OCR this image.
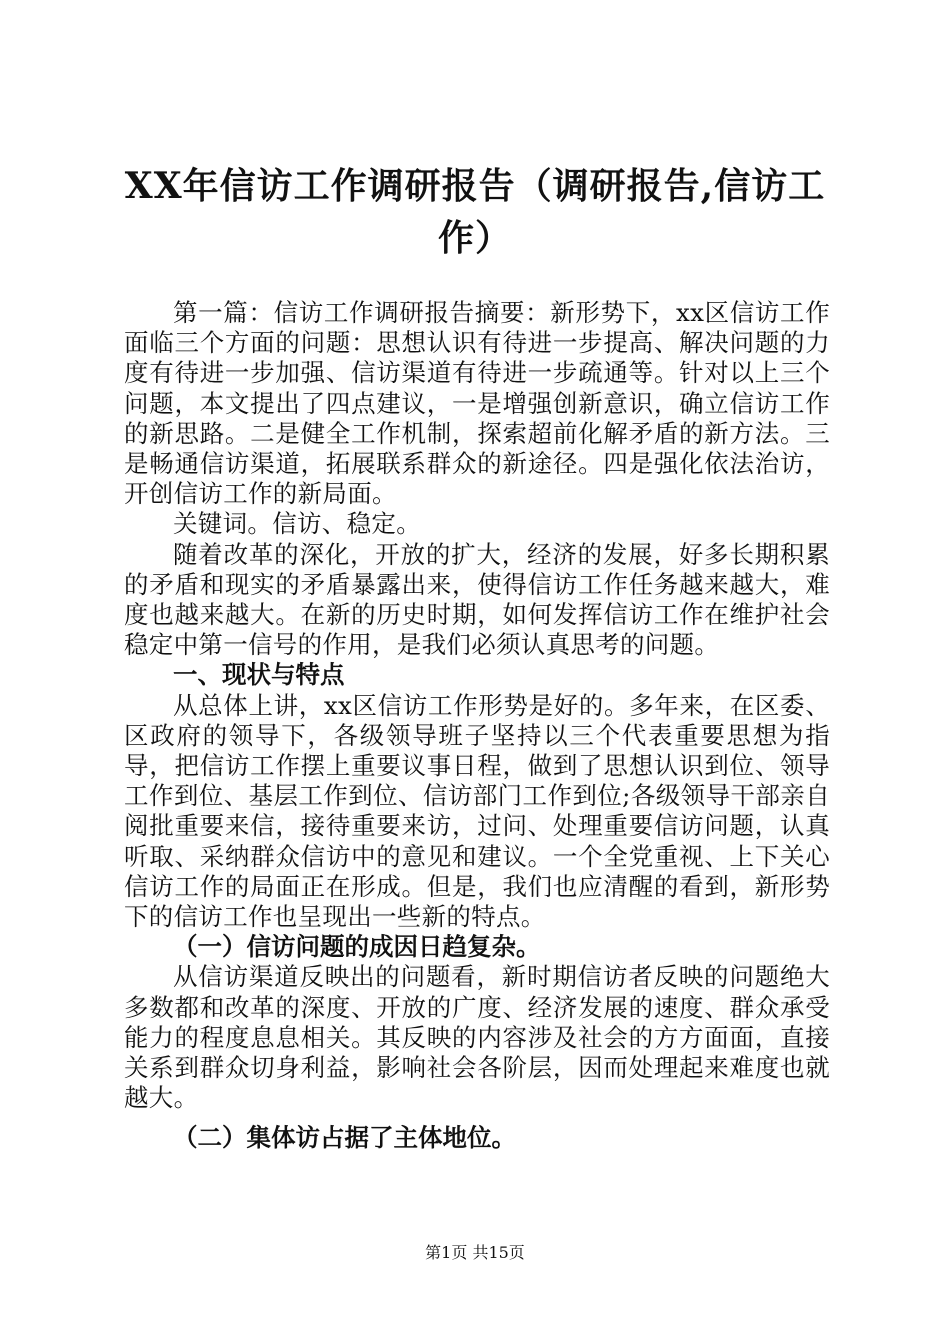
XX年信访工作调研报告（调研报告,信访工作）

第一篇：信访工作调研报告摘要：新形势下，xx区信访工作面临三个方面的问题：思想认识有待进一步提高、解决问题的力度有待进一步加强、信访渠道有待进一步疏通等。针对以上三个问题，本文提出了四点建议，一是增强创新意识，确立信访工作的新思路。二是健全工作机制，探索超前化解矛盾的新方法。三是畅通信访渠道，拓展联系群众的新途径。四是强化依法治访，开创信访工作的新局面。

关键词。信访、稳定。

随着改革的深化，开放的扩大，经济的发展，好多长期积累的矛盾和现实的矛盾暴露出来，使得信访工作任务越来越大，难度也越来越大。在新的历史时期，如何发挥信访工作在维护社会稳定中第一信号的作用，是我们必须认真思考的问题。

一、现状与特点

从总体上讲，xx区信访工作形势是好的。多年来，在区委、区政府的领导下，各级领导班子坚持以三个代表重要思想为指导，把信访工作摆上重要议事日程，做到了思想认识到位、领导工作到位、基层工作到位、信访部门工作到位;各级领导干部亲自阅批重要来信，接待重要来访，过问、处理重要信访问题，认真听取、采纳群众信访中的意见和建议。一个全党重视、上下关心信访工作的局面正在形成。但是，我们也应清醒的看到，新形势下的信访工作也呈现出一些新的特点。

（一）信访问题的成因日趋复杂。

从信访渠道反映出的问题看，新时期信访者反映的问题绝大多数都和改革的深度、开放的广度、经济发展的速度、群众承受能力的程度息息相关。其反映的内容涉及社会的方方面面，直接关系到群众切身利益，影响社会各阶层，因而处理起来难度也就越大。

（二）集体访占据了主体地位。
第1页 共15页
